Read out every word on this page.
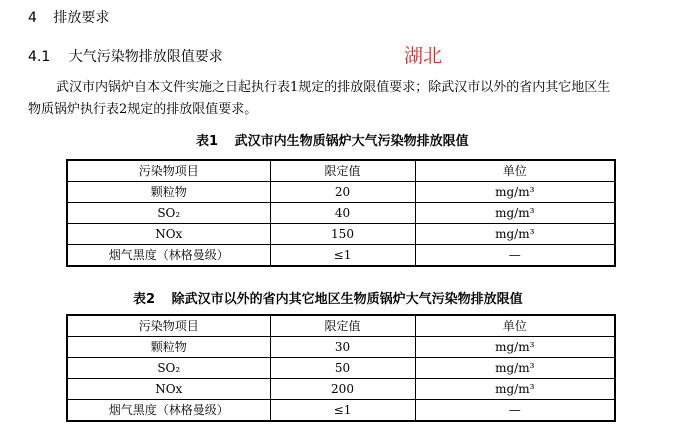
4 排放要求
4.1 大气污染物排放限值要求	湖北
武汉市内锅炉自本文件实施之日起执行表1规定的排放限值要求；除武汉市以外的省内其它地区生
物质锅炉执行表2规定的排放限值要求。
表1 武汉市内生物质锅炉大气污染物排放限值
污染物项目	限定值	单位
颗粒物	20	mg/m³
SO₂	40	mg/m³
NOx	150	mg/m³
烟气黑度（林格曼级）	≤1	—
表2 除武汉市以外的省内其它地区生物质锅炉大气污染物排放限值
污染物项目	限定值	单位
颗粒物	30	mg/m³
SO₂	50	mg/m³
NOx	200	mg/m³
烟气黑度（林格曼级）	≤1	—
